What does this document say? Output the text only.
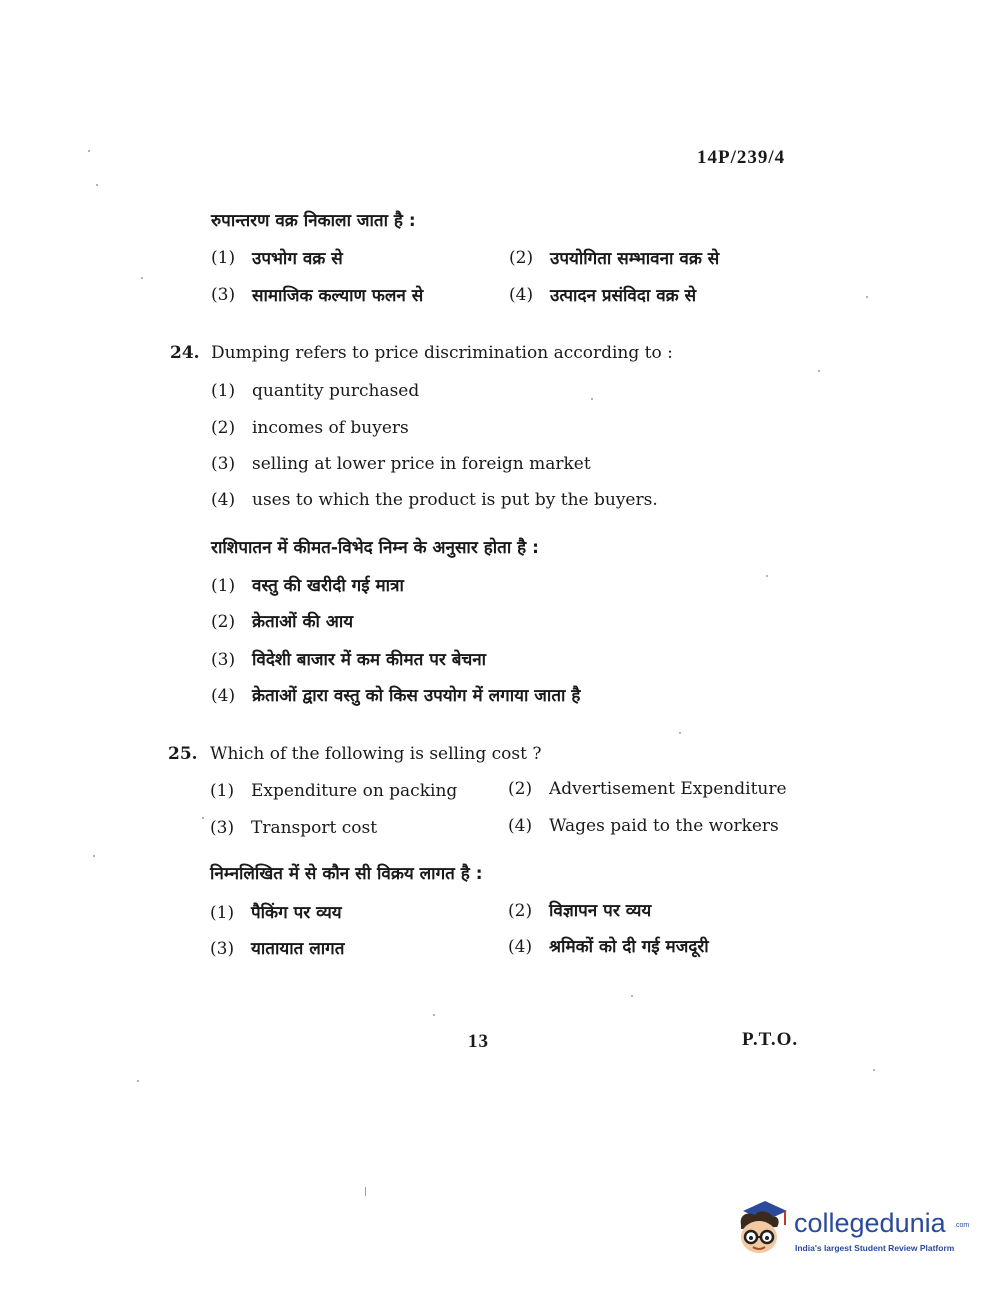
14P/239/4
रुपान्तरण वक्र निकाला जाता है :
(1) उपभोग वक्र से	(2) उपयोगिता सम्भावना वक्र से
(3) सामाजिक कल्याण फलन से	(4) उत्पादन प्रसंविदा वक्र से
24. Dumping refers to price discrimination according to :
(1) quantity purchased
(2) incomes of buyers
(3) selling at lower price in foreign market
(4) uses to which the product is put by the buyers.
राशिपातन में कीमत-विभेद निम्न के अनुसार होता है :
(1) वस्तु की खरीदी गई मात्रा
(2) क्रेताओं की आय
(3) विदेशी बाजार में कम कीमत पर बेचना
(4) क्रेताओं द्वारा वस्तु को किस उपयोग में लगाया जाता है
25. Which of the following is selling cost ?
(1) Expenditure on packing	(2) Advertisement Expenditure
(3) Transport cost	(4) Wages paid to the workers
निम्नलिखित में से कौन सी विक्रय लागत है :
(1) पैकिंग पर व्यय	(2) विज्ञापन पर व्यय
(3) यातायात लागत	(4) श्रमिकों को दी गई मजदूरी
13	P.T.O.
collegedunia .com
India's largest Student Review Platform
